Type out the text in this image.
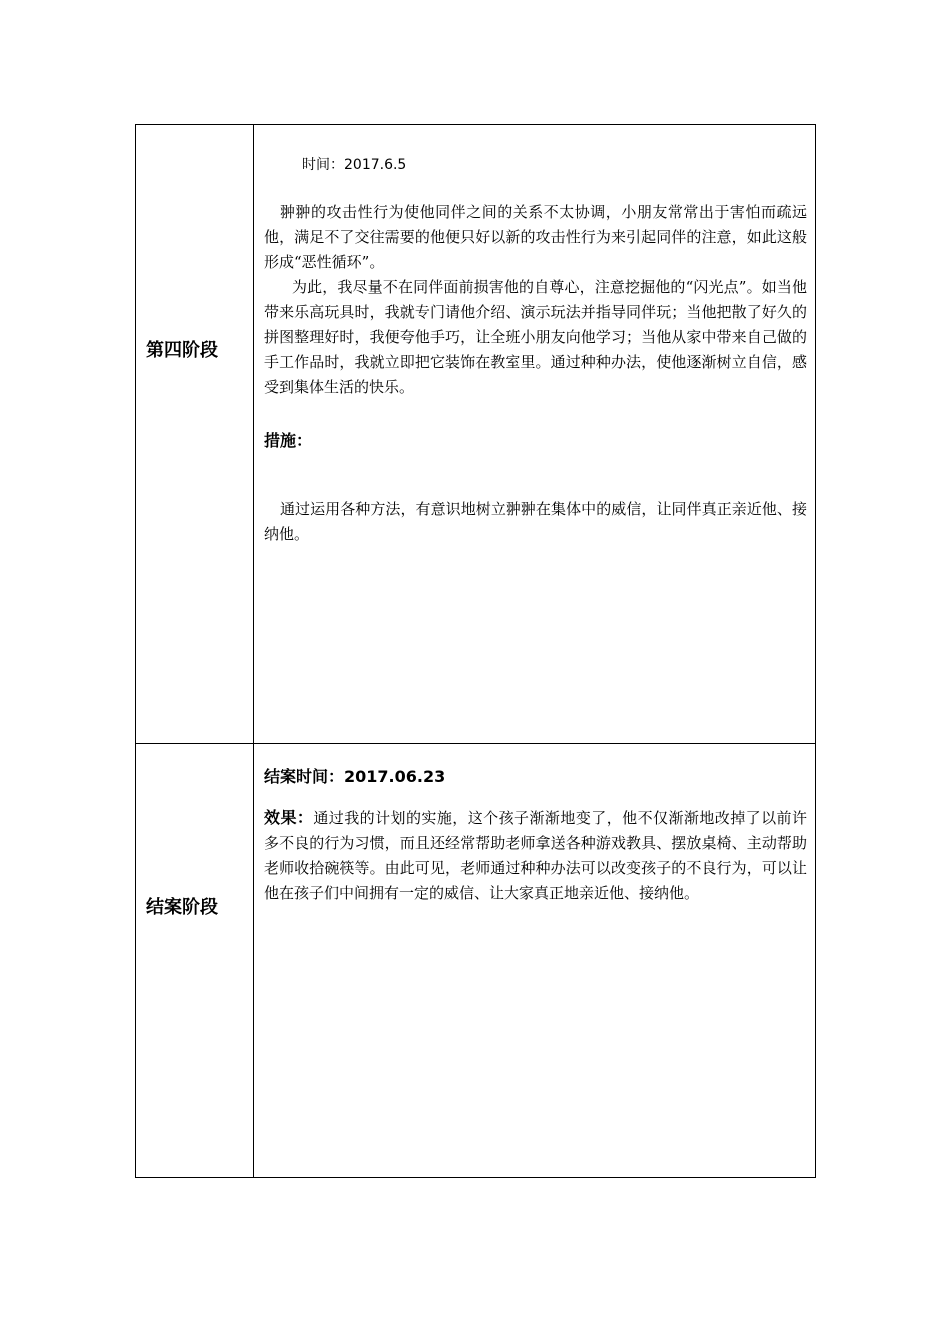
第四阶段	时间：2017.6.5

翀翀的攻击性行为使他同伴之间的关系不太协调，小朋友常常出于害怕而疏远他，满足不了交往需要的他便只好以新的攻击性行为来引起同伴的注意，如此这般形成“恶性循环”。

为此，我尽量不在同伴面前损害他的自尊心，注意挖掘他的“闪光点”。如当他带来乐高玩具时，我就专门请他介绍、演示玩法并指导同伴玩；当他把散了好久的拼图整理好时，我便夸他手巧，让全班小朋友向他学习；当他从家中带来自己做的手工作品时，我就立即把它装饰在教室里。通过种种办法，使他逐渐树立自信，感受到集体生活的快乐。

措施：

通过运用各种方法，有意识地树立翀翀在集体中的威信，让同伴真正亲近他、接纳他。

结案阶段	结案时间：2017.06.23

效果：通过我的计划的实施，这个孩子渐渐地变了，他不仅渐渐地改掉了以前许多不良的行为习惯，而且还经常帮助老师拿送各种游戏教具、摆放桌椅、主动帮助老师收拾碗筷等。由此可见，老师通过种种办法可以改变孩子的不良行为，可以让他在孩子们中间拥有一定的威信、让大家真正地亲近他、接纳他。
